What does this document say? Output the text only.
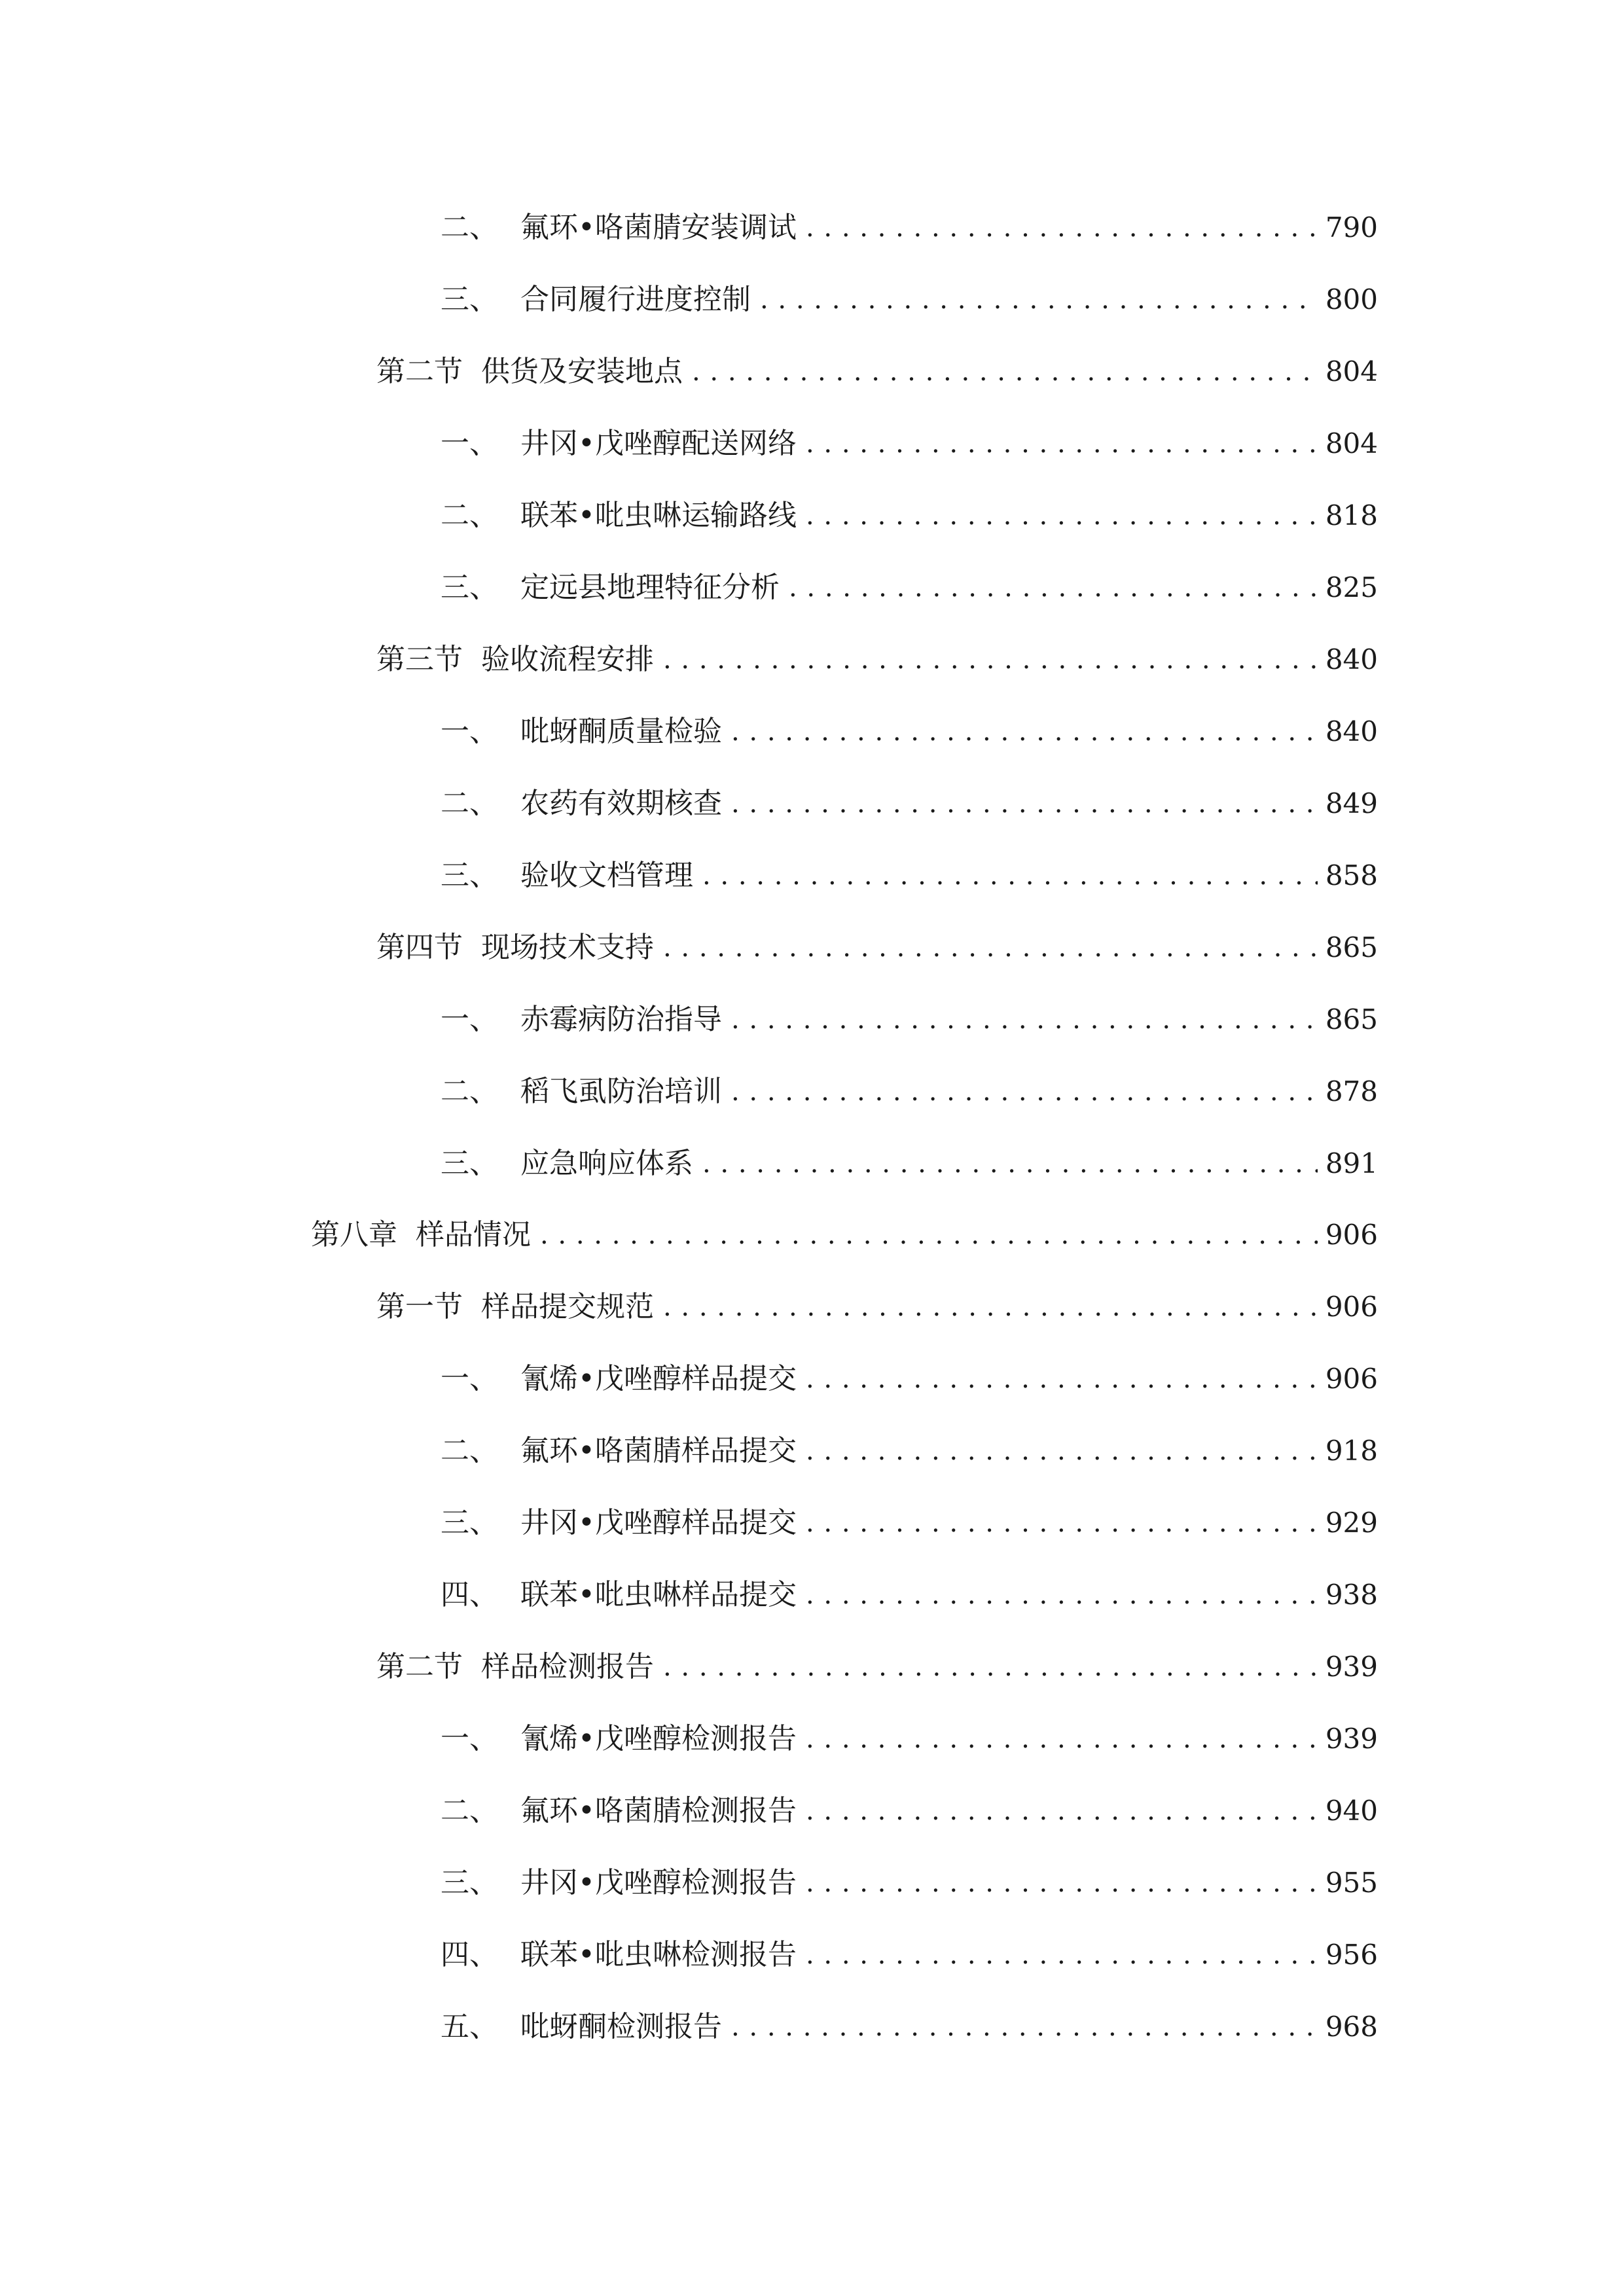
二、 氟环•咯菌腈安装调试 . . .	790
三、 合同履行进度控制 . . .	800
第二节 供货及安装地点 . . .	804
一、 井冈•戊唑醇配送网络 . . .	804
二、 联苯•吡虫啉运输路线 . . .	818
三、 定远县地理特征分析 . . .	825
第三节 验收流程安排 . . .	840
一、 吡蚜酮质量检验 . . .	840
二、 农药有效期核查 . . .	849
三、 验收文档管理 . . .	858
第四节 现场技术支持 . . .	865
一、 赤霉病防治指导 . . .	865
二、 稻飞虱防治培训 . . .	878
三、 应急响应体系 . . .	891
第八章 样品情况 . . .	906
第一节 样品提交规范 . . .	906
一、 氰烯•戊唑醇样品提交 . . .	906
二、 氟环•咯菌腈样品提交 . . .	918
三、 井冈•戊唑醇样品提交 . . .	929
四、 联苯•吡虫啉样品提交 . . .	938
第二节 样品检测报告 . . .	939
一、 氰烯•戊唑醇检测报告 . . .	939
二、 氟环•咯菌腈检测报告 . . .	940
三、 井冈•戊唑醇检测报告 . . .	955
四、 联苯•吡虫啉检测报告 . . .	956
五、 吡蚜酮检测报告 . . .	968
